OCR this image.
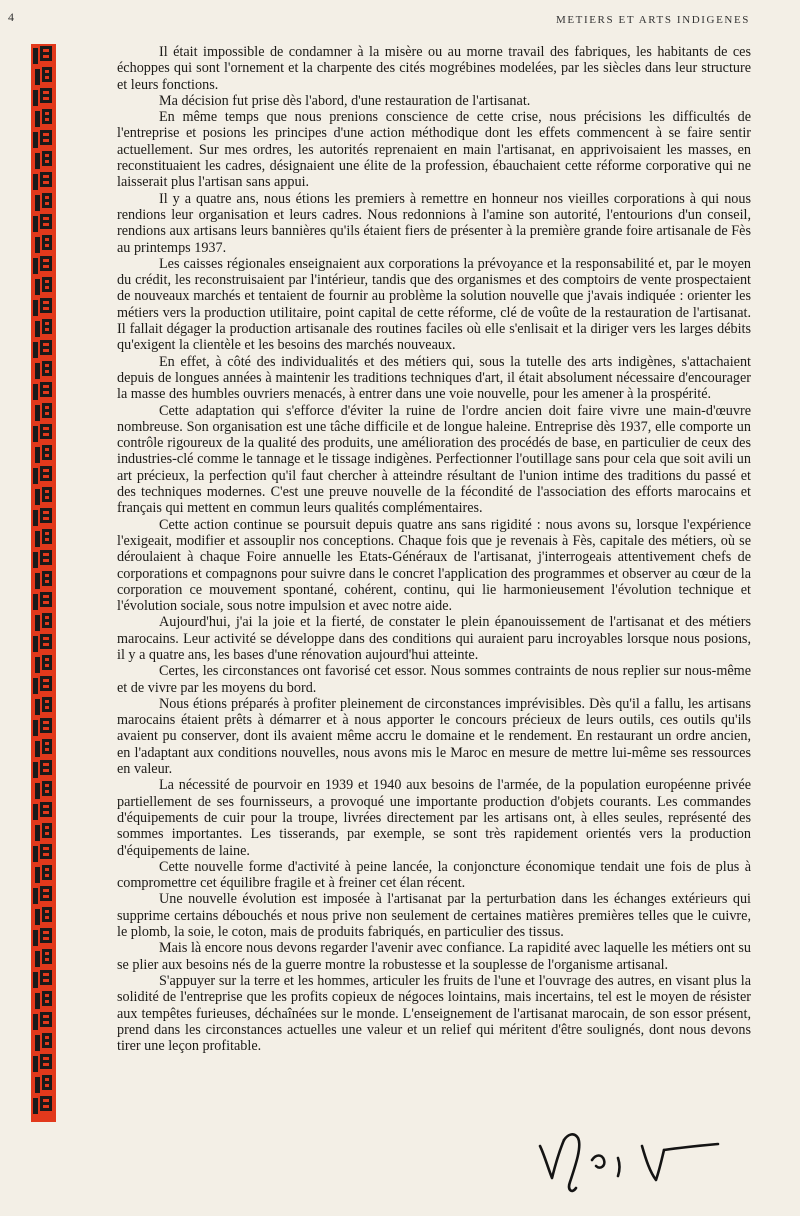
4	METIERS ET ARTS INDIGENES

Il était impossible de condamner à la misère ou au morne travail des fabriques, les habitants de ces échoppes qui sont l'ornement et la charpente des cités mogrébines modelées, par les siècles dans leur structure et leurs fonctions.

Ma décision fut prise dès l'abord, d'une restauration de l'artisanat.

En même temps que nous prenions conscience de cette crise, nous précisions les difficultés de l'entreprise et posions les principes d'une action méthodique dont les effets commencent à se faire sentir actuellement. Sur mes ordres, les autorités reprenaient en main l'artisanat, en apprivoisaient les masses, en reconstituaient les cadres, désignaient une élite de la profession, ébauchaient cette réforme corporative qui ne laisserait plus l'artisan sans appui.

Il y a quatre ans, nous étions les premiers à remettre en honneur nos vieilles corporations à qui nous rendions leur organisation et leurs cadres. Nous redonnions à l'amine son autorité, l'entourions d'un conseil, rendions aux artisans leurs bannières qu'ils étaient fiers de présenter à la première grande foire artisanale de Fès au printemps 1937.

Les caisses régionales enseignaient aux corporations la prévoyance et la responsabilité et, par le moyen du crédit, les reconstruisaient par l'intérieur, tandis que des organismes et des comptoirs de vente prospectaient de nouveaux marchés et tentaient de fournir au problème la solution nouvelle que j'avais indiquée : orienter les métiers vers la production utilitaire, point capital de cette réforme, clé de voûte de la restauration de l'artisanat. Il fallait dégager la production artisanale des routines faciles où elle s'enlisait et la diriger vers les larges débits qu'exigent la clientèle et les besoins des marchés nouveaux.

En effet, à côté des individualités et des métiers qui, sous la tutelle des arts indigènes, s'attachaient depuis de longues années à maintenir les traditions techniques d'art, il était absolument nécessaire d'encourager la masse des humbles ouvriers menacés, à entrer dans une voie nouvelle, pour les amener à la prospérité.

Cette adaptation qui s'efforce d'éviter la ruine de l'ordre ancien doit faire vivre une main-d'œuvre nombreuse. Son organisation est une tâche difficile et de longue haleine. Entreprise dès 1937, elle comporte un contrôle rigoureux de la qualité des produits, une amélioration des procédés de base, en particulier de ceux des industries-clé comme le tannage et le tissage indigènes. Perfectionner l'outillage sans pour cela que soit avili un art précieux, la perfection qu'il faut chercher à atteindre résultant de l'union intime des traditions du passé et des techniques modernes. C'est une preuve nouvelle de la fécondité de l'association des efforts marocains et français qui mettent en commun leurs qualités complémentaires.

Cette action continue se poursuit depuis quatre ans sans rigidité : nous avons su, lorsque l'expérience l'exigeait, modifier et assouplir nos conceptions. Chaque fois que je revenais à Fès, capitale des métiers, où se déroulaient à chaque Foire annuelle les Etats-Généraux de l'artisanat, j'interrogeais attentivement chefs de corporations et compagnons pour suivre dans le concret l'application des programmes et observer au cœur de la corporation ce mouvement spontané, cohérent, continu, qui lie harmonieusement l'évolution technique et l'évolution sociale, sous notre impulsion et avec notre aide.

Aujourd'hui, j'ai la joie et la fierté, de constater le plein épanouissement de l'artisanat et des métiers marocains. Leur activité se développe dans des conditions qui auraient paru incroyables lorsque nous posions, il y a quatre ans, les bases d'une rénovation aujourd'hui atteinte.

Certes, les circonstances ont favorisé cet essor. Nous sommes contraints de nous replier sur nous-même et de vivre par les moyens du bord.

Nous étions préparés à profiter pleinement de circonstances imprévisibles. Dès qu'il a fallu, les artisans marocains étaient prêts à démarrer et à nous apporter le concours précieux de leurs outils, ces outils qu'ils avaient pu conserver, dont ils avaient même accru le domaine et le rendement. En restaurant un ordre ancien, en l'adaptant aux conditions nouvelles, nous avons mis le Maroc en mesure de mettre lui-même ses ressources en valeur.

La nécessité de pourvoir en 1939 et 1940 aux besoins de l'armée, de la population européenne privée partiellement de ses fournisseurs, a provoqué une importante production d'objets courants. Les commandes d'équipements de cuir pour la troupe, livrées directement par les artisans ont, à elles seules, représenté des sommes importantes. Les tisserands, par exemple, se sont très rapidement orientés vers la production d'équipements de laine.

Cette nouvelle forme d'activité à peine lancée, la conjoncture économique tendait une fois de plus à compromettre cet équilibre fragile et à freiner cet élan récent.

Une nouvelle évolution est imposée à l'artisanat par la perturbation dans les échanges extérieurs qui supprime certains débouchés et nous prive non seulement de certaines matières premières telles que le cuivre, le plomb, la soie, le coton, mais de produits fabriqués, en particulier des tissus.

Mais là encore nous devons regarder l'avenir avec confiance. La rapidité avec laquelle les métiers ont su se plier aux besoins nés de la guerre montre la robustesse et la souplesse de l'organisme artisanal.

S'appuyer sur la terre et les hommes, articuler les fruits de l'une et l'ouvrage des autres, en visant plus la solidité de l'entreprise que les profits copieux de négoces lointains, mais incertains, tel est le moyen de résister aux tempêtes furieuses, déchaînées sur le monde. L'enseignement de l'artisanat marocain, de son essor présent, prend dans les circonstances actuelles une valeur et un relief qui méritent d'être soulignés, dont nous devons tirer une leçon profitable.
